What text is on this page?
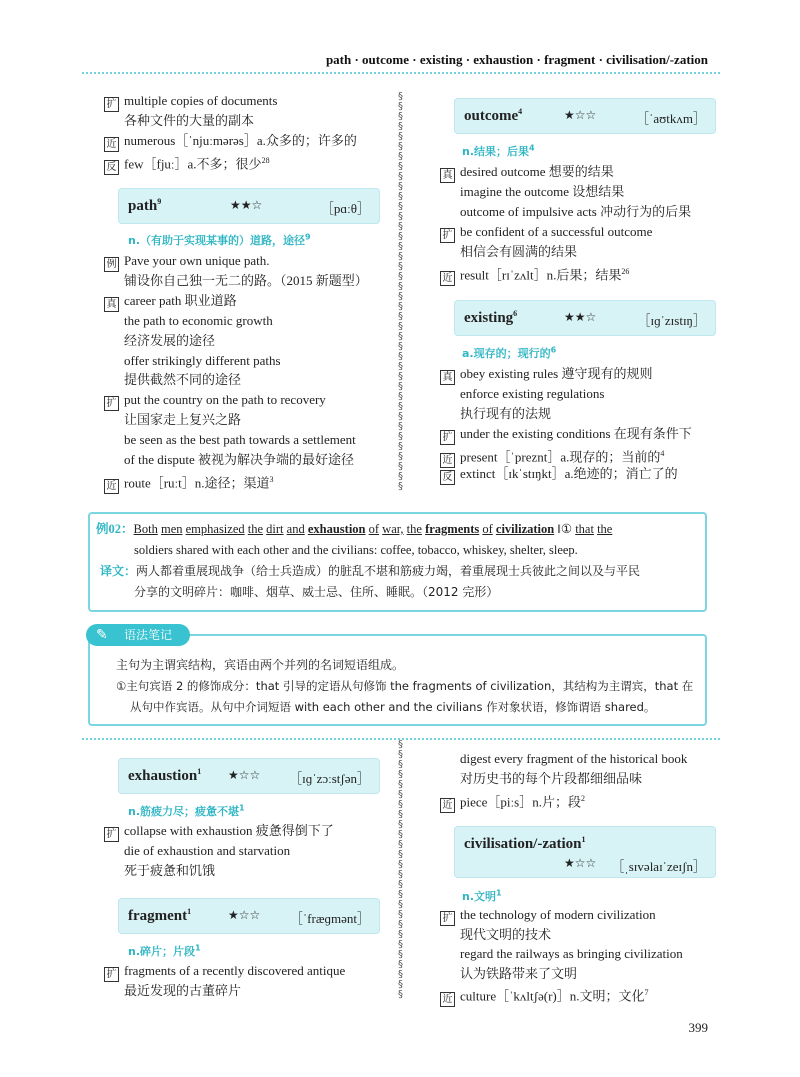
path · outcome · existing · exhaustion · fragment · civilisation/-zation
§
§
§
§
§
§
§
§
§
§
§
§
§
§
§
§
§
§
§
§
§
§
§
§
§
§
§
§
§
§
§
§
§
§
§
§
§
§
§
§
§
§
§
§
§
§
§
§
§
§
§
§
§
§
§
§
§
§
§
§
§
§
§
§
§
§
扩 multiple copies of documents
各种文件的大量的副本
近 numerous［ˈnjuːmərəs］a.众多的；许多的
反 few［fjuː］a.不多；很少$^{28}$
path$^9$	★★☆	［pɑːθ］
n.（有助于实现某事的）道路，途径$^9$
例 Pave your own unique path.
铺设你自己独一无二的路。（2015 新题型）
真 career path 职业道路
the path to economic growth
经济发展的途径
offer strikingly different paths
提供截然不同的途径
扩 put the country on the path to recovery
让国家走上复兴之路
be seen as the best path towards a settlement
of the dispute 被视为解决争端的最好途径
近 route［ruːt］n.途径；渠道$^3$
outcome$^4$	★☆☆	［ˈaʊtkʌm］
n.结果；后果$^4$
真 desired outcome 想要的结果
imagine the outcome 设想结果
outcome of impulsive acts 冲动行为的后果
扩 be confident of a successful outcome
相信会有圆满的结果
近 result［rɪˈzʌlt］n.后果；结果$^{26}$
existing$^6$	★★☆	［ɪɡˈzɪstɪŋ］
a.现存的；现行的$^6$
真 obey existing rules 遵守现有的规则
enforce existing regulations
执行现有的法规
扩 under the existing conditions 在现有条件下
近 present［ˈpreznt］a.现存的；当前的$^4$
反 extinct［ɪkˈstɪŋkt］a.绝迹的；消亡了的
例02：Both men emphasized the dirt and exhaustion of war, the fragments of civilization ‖① that the
soldiers shared with each other and the civilians: coffee, tobacco, whiskey, shelter, sleep.
译文：两人都着重展现战争（给士兵造成）的脏乱不堪和筋疲力竭，着重展现士兵彼此之间以及与平民
分享的文明碎片：咖啡、烟草、威士忌、住所、睡眠。（2012 完形）
✎ 语法笔记
主句为主谓宾结构，宾语由两个并列的名词短语组成。
①主句宾语 2 的修饰成分：that 引导的定语从句修饰 the fragments of civilization，其结构为主谓宾，that 在
从句中作宾语。从句中介词短语 with each other and the civilians 作对象状语，修饰谓语 shared。
exhaustion$^1$ ★☆☆ ［ɪɡˈzɔːstʃən］
n.筋疲力尽；疲惫不堪$^1$
扩 collapse with exhaustion 疲惫得倒下了
die of exhaustion and starvation
死于疲惫和饥饿
fragment$^1$	★☆☆ ［ˈfræɡmənt］
n.碎片；片段$^1$
扩 fragments of a recently discovered antique
最近发现的古董碎片
digest every fragment of the historical book
对历史书的每个片段都细细品味
近 piece［piːs］n.片；段$^2$
civilisation/-zation$^1$
★☆☆ ［ˌsɪvəlaɪˈzeɪʃn］
n.文明$^1$
扩 the technology of modern civilization
现代文明的技术
regard the railways as bringing civilization
认为铁路带来了文明
近 culture［ˈkʌltʃə(r)］n.文明；文化$^7$
399
